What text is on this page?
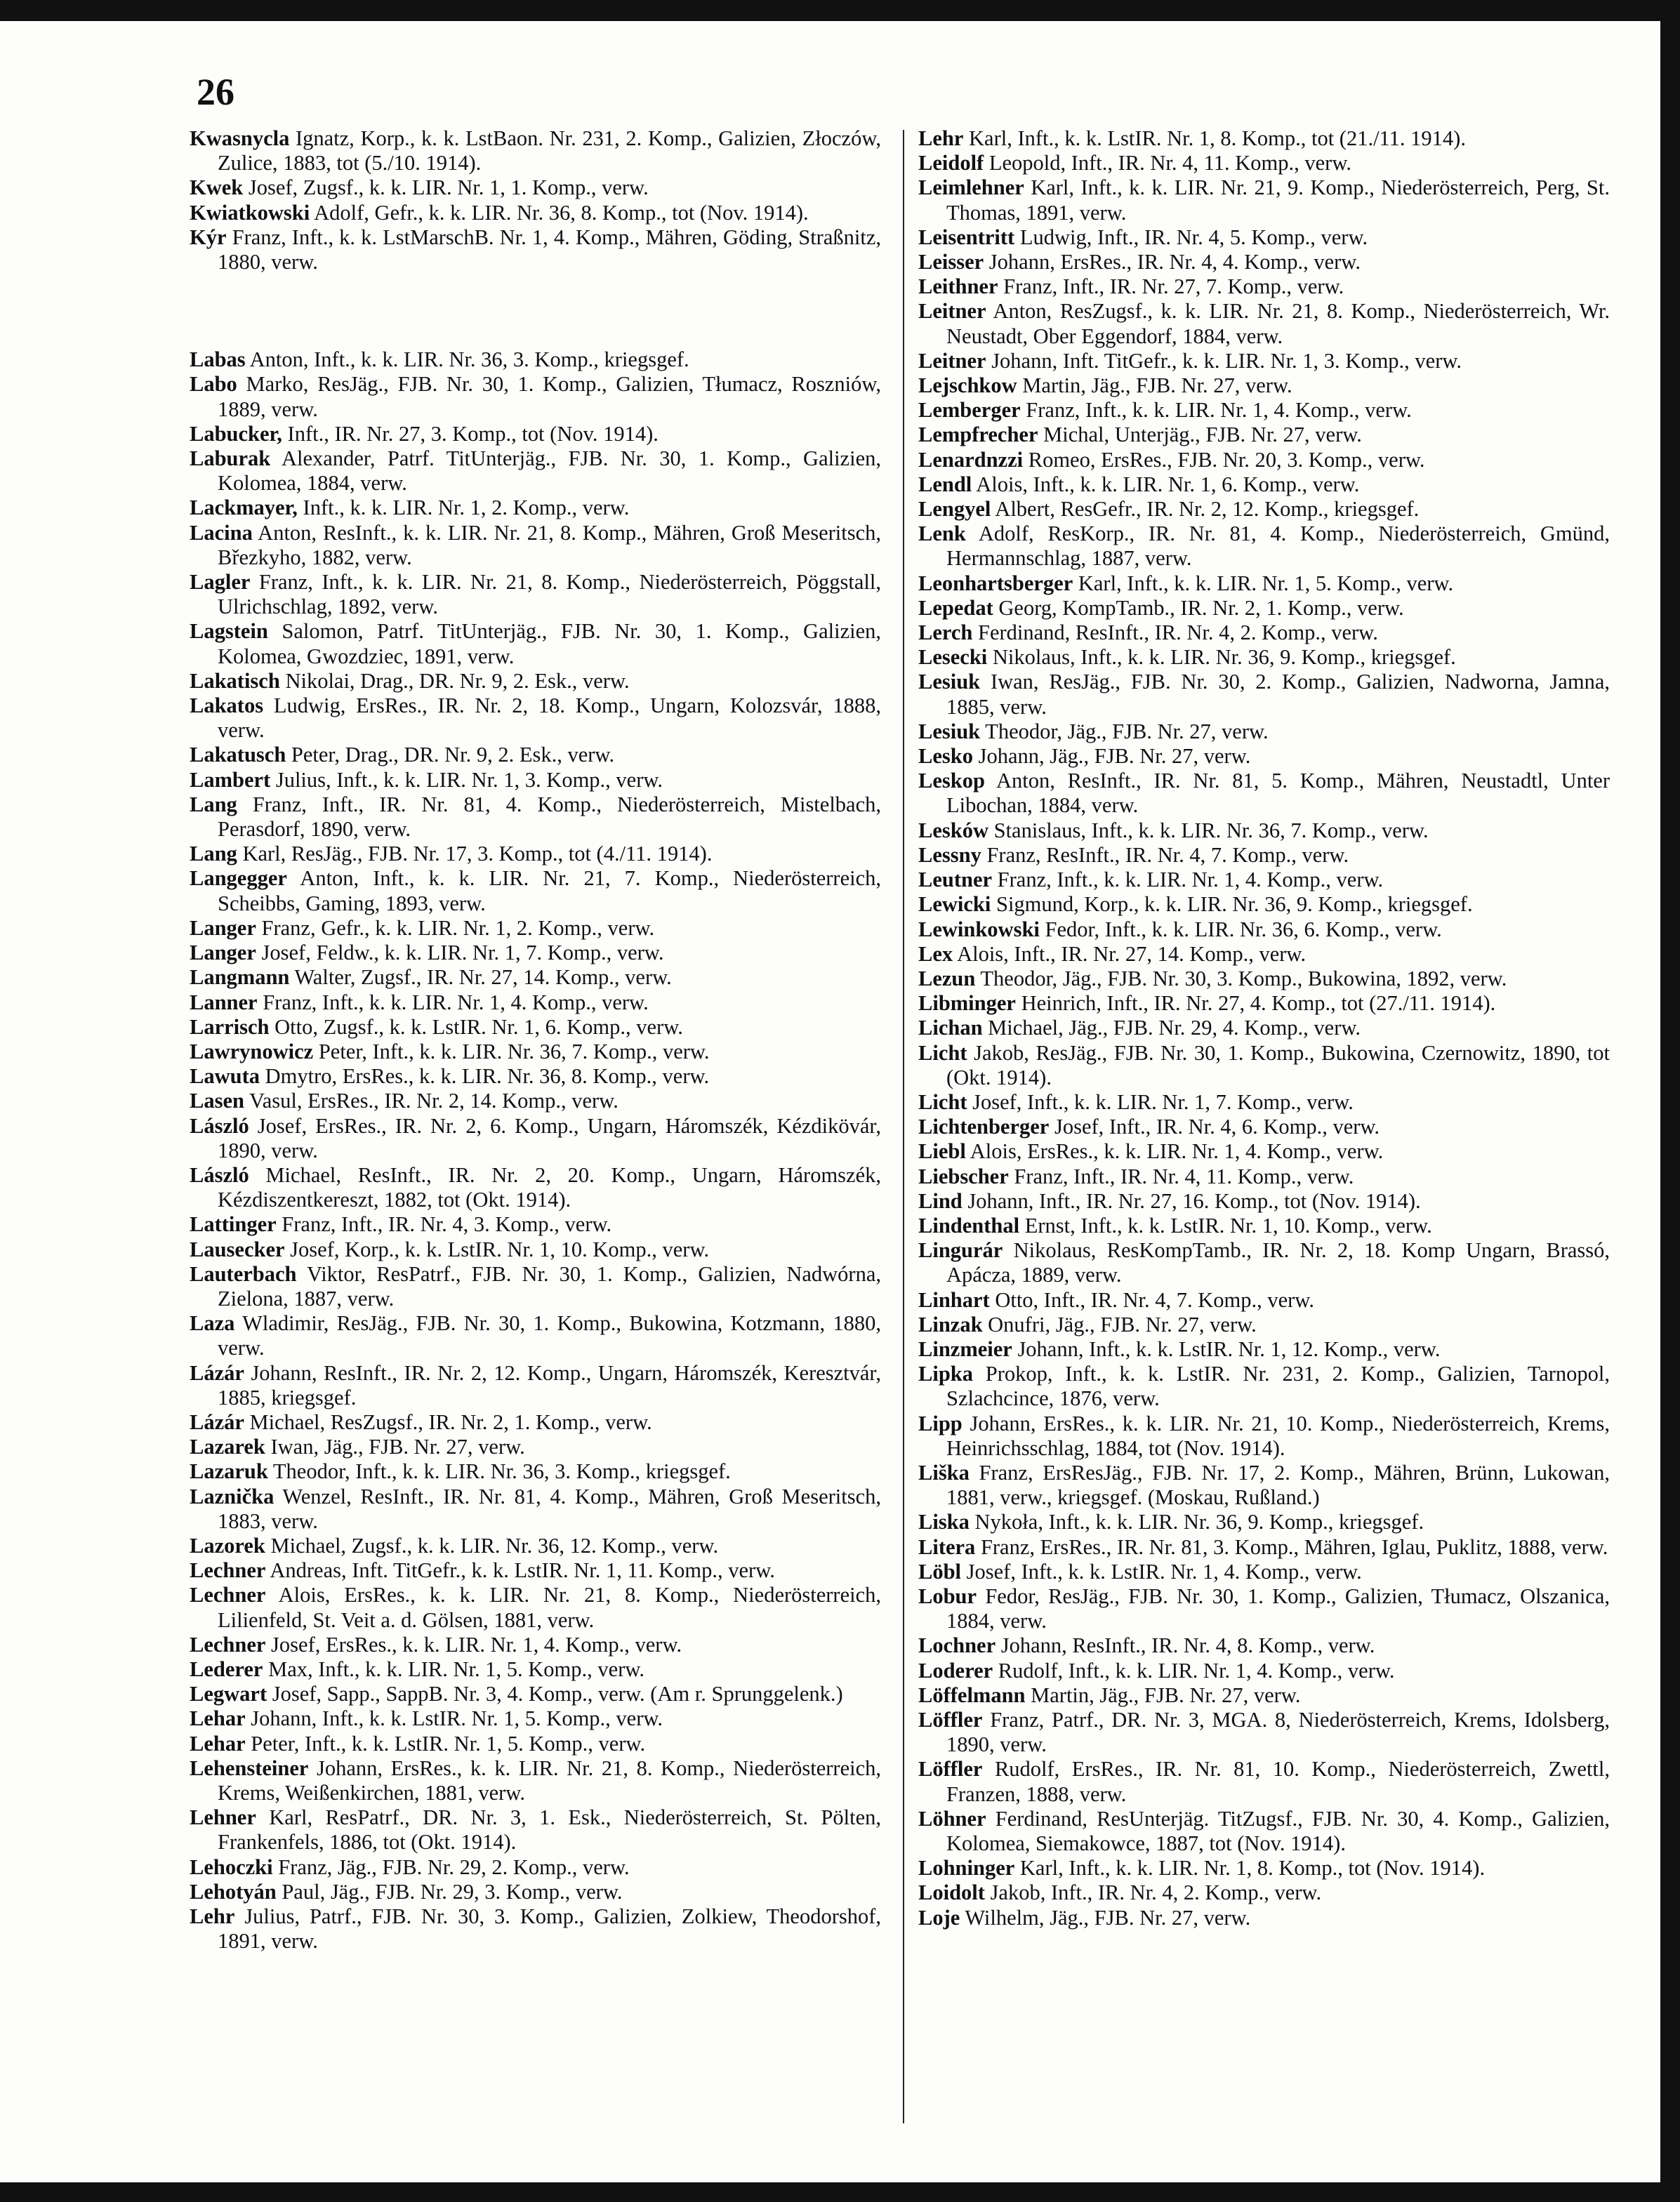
26

Kwasnycla Ignatz, Korp., k. k. LstBaon. Nr. 231, 2. Komp., Galizien, Złoczów, Zulice, 1883, tot (5./10. 1914).

Kwek Josef, Zugsf., k. k. LIR. Nr. 1, 1. Komp., verw.

Kwiatkowski Adolf, Gefr., k. k. LIR. Nr. 36, 8. Komp., tot (Nov. 1914).

Kýr Franz, Inft., k. k. LstMarschB. Nr. 1, 4. Komp., Mähren, Göding, Straßnitz, 1880, verw.

Labas Anton, Inft., k. k. LIR. Nr. 36, 3. Komp., kriegsgef.

Labo Marko, ResJäg., FJB. Nr. 30, 1. Komp., Galizien, Tłumacz, Roszniów, 1889, verw.

Labucker, Inft., IR. Nr. 27, 3. Komp., tot (Nov. 1914).

Laburak Alexander, Patrf. TitUnterjäg., FJB. Nr. 30, 1. Komp., Galizien, Kolomea, 1884, verw.

Lackmayer, Inft., k. k. LIR. Nr. 1, 2. Komp., verw.

Lacina Anton, ResInft., k. k. LIR. Nr. 21, 8. Komp., Mähren, Groß Meseritsch, Březkyho, 1882, verw.

Lagler Franz, Inft., k. k. LIR. Nr. 21, 8. Komp., Niederösterreich, Pöggstall, Ulrichschlag, 1892, verw.

Lagstein Salomon, Patrf. TitUnterjäg., FJB. Nr. 30, 1. Komp., Galizien, Kolomea, Gwozdziec, 1891, verw.

Lakatisch Nikolai, Drag., DR. Nr. 9, 2. Esk., verw.

Lakatos Ludwig, ErsRes., IR. Nr. 2, 18. Komp., Ungarn, Kolozsvár, 1888, verw.

Lakatusch Peter, Drag., DR. Nr. 9, 2. Esk., verw.

Lambert Julius, Inft., k. k. LIR. Nr. 1, 3. Komp., verw.

Lang Franz, Inft., IR. Nr. 81, 4. Komp., Niederösterreich, Mistelbach, Perasdorf, 1890, verw.

Lang Karl, ResJäg., FJB. Nr. 17, 3. Komp., tot (4./11. 1914).

Langegger Anton, Inft., k. k. LIR. Nr. 21, 7. Komp., Niederösterreich, Scheibbs, Gaming, 1893, verw.

Langer Franz, Gefr., k. k. LIR. Nr. 1, 2. Komp., verw.

Langer Josef, Feldw., k. k. LIR. Nr. 1, 7. Komp., verw.

Langmann Walter, Zugsf., IR. Nr. 27, 14. Komp., verw.

Lanner Franz, Inft., k. k. LIR. Nr. 1, 4. Komp., verw.

Larrisch Otto, Zugsf., k. k. LstIR. Nr. 1, 6. Komp., verw.

Lawrynowicz Peter, Inft., k. k. LIR. Nr. 36, 7. Komp., verw.

Lawuta Dmytro, ErsRes., k. k. LIR. Nr. 36, 8. Komp., verw.

Lasen Vasul, ErsRes., IR. Nr. 2, 14. Komp., verw.

László Josef, ErsRes., IR. Nr. 2, 6. Komp., Ungarn, Háromszék, Kézdikövár, 1890, verw.

László Michael, ResInft., IR. Nr. 2, 20. Komp., Ungarn, Háromszék, Kézdiszentkereszt, 1882, tot (Okt. 1914).

Lattinger Franz, Inft., IR. Nr. 4, 3. Komp., verw.

Lausecker Josef, Korp., k. k. LstIR. Nr. 1, 10. Komp., verw.

Lauterbach Viktor, ResPatrf., FJB. Nr. 30, 1. Komp., Galizien, Nadwórna, Zielona, 1887, verw.

Laza Wladimir, ResJäg., FJB. Nr. 30, 1. Komp., Bukowina, Kotzmann, 1880, verw.

Lázár Johann, ResInft., IR. Nr. 2, 12. Komp., Ungarn, Háromszék, Keresztvár, 1885, kriegsgef.

Lázár Michael, ResZugsf., IR. Nr. 2, 1. Komp., verw.

Lazarek Iwan, Jäg., FJB. Nr. 27, verw.

Lazaruk Theodor, Inft., k. k. LIR. Nr. 36, 3. Komp., kriegsgef.

Laznička Wenzel, ResInft., IR. Nr. 81, 4. Komp., Mähren, Groß Meseritsch, 1883, verw.

Lazorek Michael, Zugsf., k. k. LIR. Nr. 36, 12. Komp., verw.

Lechner Andreas, Inft. TitGefr., k. k. LstIR. Nr. 1, 11. Komp., verw.

Lechner Alois, ErsRes., k. k. LIR. Nr. 21, 8. Komp., Niederösterreich, Lilienfeld, St. Veit a. d. Gölsen, 1881, verw.

Lechner Josef, ErsRes., k. k. LIR. Nr. 1, 4. Komp., verw.

Lederer Max, Inft., k. k. LIR. Nr. 1, 5. Komp., verw.

Legwart Josef, Sapp., SappB. Nr. 3, 4. Komp., verw. (Am r. Sprunggelenk.)

Lehar Johann, Inft., k. k. LstIR. Nr. 1, 5. Komp., verw.

Lehar Peter, Inft., k. k. LstIR. Nr. 1, 5. Komp., verw.

Lehensteiner Johann, ErsRes., k. k. LIR. Nr. 21, 8. Komp., Niederösterreich, Krems, Weißenkirchen, 1881, verw.

Lehner Karl, ResPatrf., DR. Nr. 3, 1. Esk., Niederösterreich, St. Pölten, Frankenfels, 1886, tot (Okt. 1914).

Lehoczki Franz, Jäg., FJB. Nr. 29, 2. Komp., verw.

Lehotyán Paul, Jäg., FJB. Nr. 29, 3. Komp., verw.

Lehr Julius, Patrf., FJB. Nr. 30, 3. Komp., Galizien, Zolkiew, Theodorshof, 1891, verw.

Lehr Karl, Inft., k. k. LstIR. Nr. 1, 8. Komp., tot (21./11. 1914).

Leidolf Leopold, Inft., IR. Nr. 4, 11. Komp., verw.

Leimlehner Karl, Inft., k. k. LIR. Nr. 21, 9. Komp., Niederösterreich, Perg, St. Thomas, 1891, verw.

Leisentritt Ludwig, Inft., IR. Nr. 4, 5. Komp., verw.

Leisser Johann, ErsRes., IR. Nr. 4, 4. Komp., verw.

Leithner Franz, Inft., IR. Nr. 27, 7. Komp., verw.

Leitner Anton, ResZugsf., k. k. LIR. Nr. 21, 8. Komp., Niederösterreich, Wr. Neustadt, Ober Eggendorf, 1884, verw.

Leitner Johann, Inft. TitGefr., k. k. LIR. Nr. 1, 3. Komp., verw.

Lejschkow Martin, Jäg., FJB. Nr. 27, verw.

Lemberger Franz, Inft., k. k. LIR. Nr. 1, 4. Komp., verw.

Lempfrecher Michal, Unterjäg., FJB. Nr. 27, verw.

Lenardnzzi Romeo, ErsRes., FJB. Nr. 20, 3. Komp., verw.

Lendl Alois, Inft., k. k. LIR. Nr. 1, 6. Komp., verw.

Lengyel Albert, ResGefr., IR. Nr. 2, 12. Komp., kriegsgef.

Lenk Adolf, ResKorp., IR. Nr. 81, 4. Komp., Niederösterreich, Gmünd, Hermannschlag, 1887, verw.

Leonhartsberger Karl, Inft., k. k. LIR. Nr. 1, 5. Komp., verw.

Lepedat Georg, KompTamb., IR. Nr. 2, 1. Komp., verw.

Lerch Ferdinand, ResInft., IR. Nr. 4, 2. Komp., verw.

Lesecki Nikolaus, Inft., k. k. LIR. Nr. 36, 9. Komp., kriegsgef.

Lesiuk Iwan, ResJäg., FJB. Nr. 30, 2. Komp., Galizien, Nadworna, Jamna, 1885, verw.

Lesiuk Theodor, Jäg., FJB. Nr. 27, verw.

Lesko Johann, Jäg., FJB. Nr. 27, verw.

Leskop Anton, ResInft., IR. Nr. 81, 5. Komp., Mähren, Neustadtl, Unter Libochan, 1884, verw.

Lesków Stanislaus, Inft., k. k. LIR. Nr. 36, 7. Komp., verw.

Lessny Franz, ResInft., IR. Nr. 4, 7. Komp., verw.

Leutner Franz, Inft., k. k. LIR. Nr. 1, 4. Komp., verw.

Lewicki Sigmund, Korp., k. k. LIR. Nr. 36, 9. Komp., kriegsgef.

Lewinkowski Fedor, Inft., k. k. LIR. Nr. 36, 6. Komp., verw.

Lex Alois, Inft., IR. Nr. 27, 14. Komp., verw.

Lezun Theodor, Jäg., FJB. Nr. 30, 3. Komp., Bukowina, 1892, verw.

Libminger Heinrich, Inft., IR. Nr. 27, 4. Komp., tot (27./11. 1914).

Lichan Michael, Jäg., FJB. Nr. 29, 4. Komp., verw.

Licht Jakob, ResJäg., FJB. Nr. 30, 1. Komp., Bukowina, Czernowitz, 1890, tot (Okt. 1914).

Licht Josef, Inft., k. k. LIR. Nr. 1, 7. Komp., verw.

Lichtenberger Josef, Inft., IR. Nr. 4, 6. Komp., verw.

Liebl Alois, ErsRes., k. k. LIR. Nr. 1, 4. Komp., verw.

Liebscher Franz, Inft., IR. Nr. 4, 11. Komp., verw.

Lind Johann, Inft., IR. Nr. 27, 16. Komp., tot (Nov. 1914).

Lindenthal Ernst, Inft., k. k. LstIR. Nr. 1, 10. Komp., verw.

Lingurár Nikolaus, ResKompTamb., IR. Nr. 2, 18. Komp Ungarn, Brassó, Apácza, 1889, verw.

Linhart Otto, Inft., IR. Nr. 4, 7. Komp., verw.

Linzak Onufri, Jäg., FJB. Nr. 27, verw.

Linzmeier Johann, Inft., k. k. LstIR. Nr. 1, 12. Komp., verw.

Lipka Prokop, Inft., k. k. LstIR. Nr. 231, 2. Komp., Galizien, Tarnopol, Szlachcince, 1876, verw.

Lipp Johann, ErsRes., k. k. LIR. Nr. 21, 10. Komp., Niederösterreich, Krems, Heinrichsschlag, 1884, tot (Nov. 1914).

Liška Franz, ErsResJäg., FJB. Nr. 17, 2. Komp., Mähren, Brünn, Lukowan, 1881, verw., kriegsgef. (Moskau, Rußland.)

Liska Nykoła, Inft., k. k. LIR. Nr. 36, 9. Komp., kriegsgef.

Litera Franz, ErsRes., IR. Nr. 81, 3. Komp., Mähren, Iglau, Puklitz, 1888, verw.

Löbl Josef, Inft., k. k. LstIR. Nr. 1, 4. Komp., verw.

Lobur Fedor, ResJäg., FJB. Nr. 30, 1. Komp., Galizien, Tłumacz, Olszanica, 1884, verw.

Lochner Johann, ResInft., IR. Nr. 4, 8. Komp., verw.

Loderer Rudolf, Inft., k. k. LIR. Nr. 1, 4. Komp., verw.

Löffelmann Martin, Jäg., FJB. Nr. 27, verw.

Löffler Franz, Patrf., DR. Nr. 3, MGA. 8, Niederösterreich, Krems, Idolsberg, 1890, verw.

Löffler Rudolf, ErsRes., IR. Nr. 81, 10. Komp., Niederösterreich, Zwettl, Franzen, 1888, verw.

Löhner Ferdinand, ResUnterjäg. TitZugsf., FJB. Nr. 30, 4. Komp., Galizien, Kolomea, Siemakowce, 1887, tot (Nov. 1914).

Lohninger Karl, Inft., k. k. LIR. Nr. 1, 8. Komp., tot (Nov. 1914).

Loidolt Jakob, Inft., IR. Nr. 4, 2. Komp., verw.

Loje Wilhelm, Jäg., FJB. Nr. 27, verw.
